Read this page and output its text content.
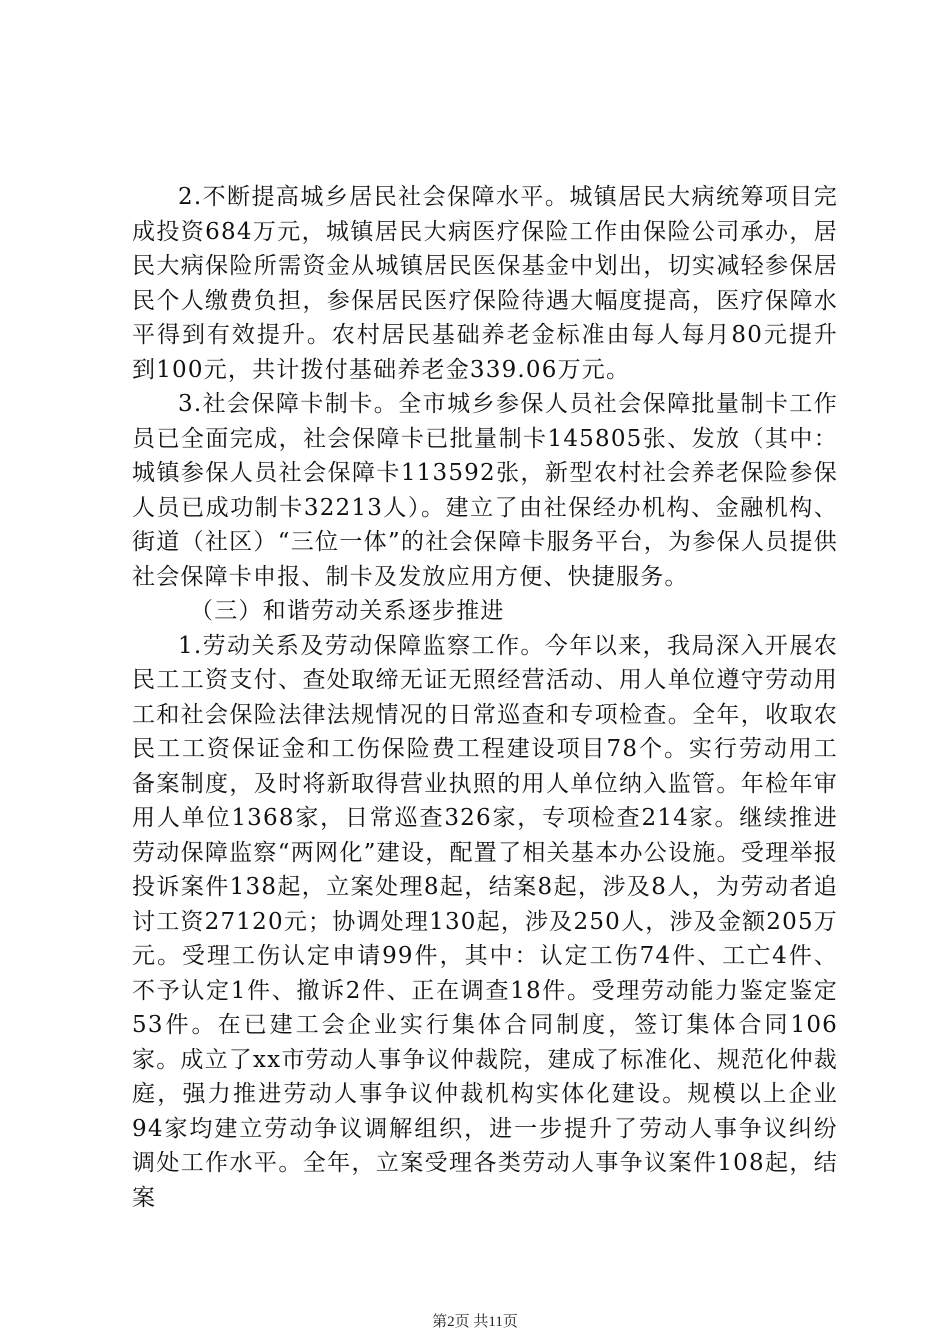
2.不断提高城乡居民社会保障水平。城镇居民大病统筹项目完成投资684万元，城镇居民大病医疗保险工作由保险公司承办，居民大病保险所需资金从城镇居民医保基金中划出，切实减轻参保居民个人缴费负担，参保居民医疗保险待遇大幅度提高，医疗保障水平得到有效提升。农村居民基础养老金标准由每人每月80元提升到100元，共计拨付基础养老金339.06万元。

3.社会保障卡制卡。全市城乡参保人员社会保障批量制卡工作员已全面完成，社会保障卡已批量制卡145805张、发放（其中：城镇参保人员社会保障卡113592张，新型农村社会养老保险参保人员已成功制卡32213人）。建立了由社保经办机构、金融机构、街道（社区）“三位一体”的社会保障卡服务平台，为参保人员提供社会保障卡申报、制卡及发放应用方便、快捷服务。

（三）和谐劳动关系逐步推进

1.劳动关系及劳动保障监察工作。今年以来，我局深入开展农民工工资支付、查处取缔无证无照经营活动、用人单位遵守劳动用工和社会保险法律法规情况的日常巡查和专项检查。全年，收取农民工工资保证金和工伤保险费工程建设项目78个。实行劳动用工备案制度，及时将新取得营业执照的用人单位纳入监管。年检年审用人单位1368家，日常巡查326家，专项检查214家。继续推进劳动保障监察“两网化”建设，配置了相关基本办公设施。受理举报投诉案件138起，立案处理8起，结案8起，涉及8人，为劳动者追讨工资27120元；协调处理130起，涉及250人，涉及金额205万元。受理工伤认定申请99件，其中：认定工伤74件、工亡4件、不予认定1件、撤诉2件、正在调查18件。受理劳动能力鉴定鉴定53件。在已建工会企业实行集体合同制度，签订集体合同106家。成立了xx市劳动人事争议仲裁院，建成了标准化、规范化仲裁庭，强力推进劳动人事争议仲裁机构实体化建设。规模以上企业94家均建立劳动争议调解组织，进一步提升了劳动人事争议纠纷调处工作水平。全年，立案受理各类劳动人事争议案件108起，结案

第2页 共11页
